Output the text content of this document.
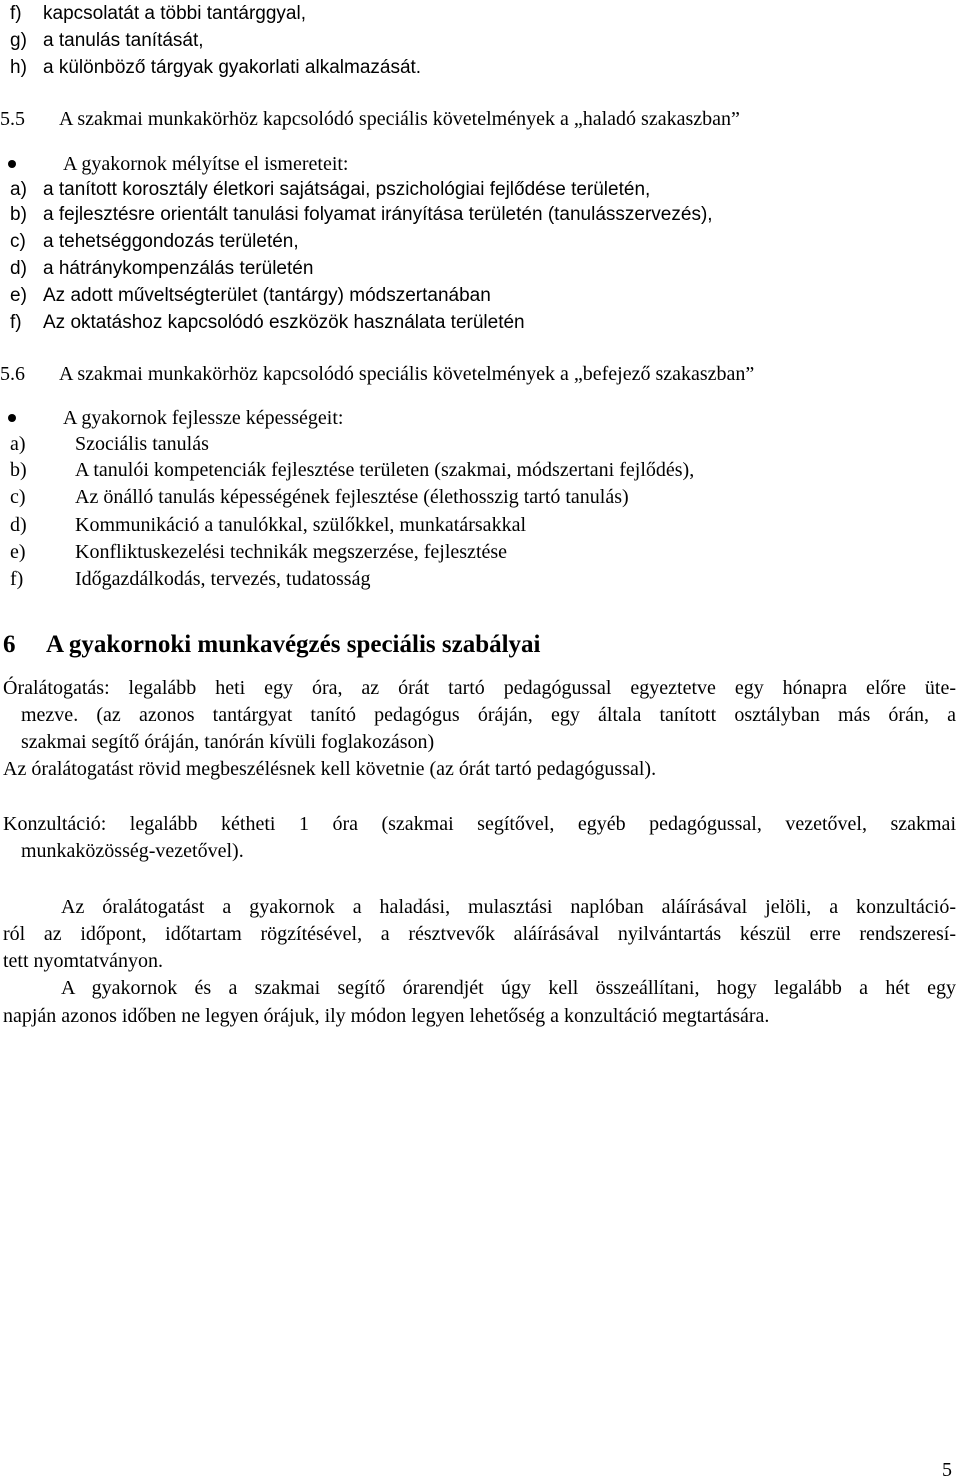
f) kapcsolatát a többi tantárggyal,
g) a tanulás tanítását,
h) a különböző tárgyak gyakorlati alkalmazását.
5.5 A szakmai munkakörhöz kapcsolódó speciális követelmények a „haladó szakaszban”
A gyakornok mélyítse el ismereteit:
a) a tanított korosztály életkori sajátságai, pszichológiai fejlődése területén,
b) a fejlesztésre orientált tanulási folyamat irányítása területén (tanulásszervezés),
c) a tehetséggondozás területén,
d) a hátránykompenzálás területén
e) Az adott műveltségterület (tantárgy) módszertanában
f) Az oktatáshoz kapcsolódó eszközök használata területén
5.6 A szakmai munkakörhöz kapcsolódó speciális követelmények a „befejező szakaszban”
A gyakornok fejlessze képességeit:
a) Szociális tanulás
b) A tanulói kompetenciák fejlesztése területen (szakmai, módszertani fejlődés),
c) Az önálló tanulás képességének fejlesztése (élethosszig tartó tanulás)
d) Kommunikáció a tanulókkal, szülőkkel, munkatársakkal
e) Konfliktuskezelési technikák megszerzése, fejlesztése
f)	Időgazdálkodás, tervezés, tudatosság
6 A gyakornoki munkavégzés speciális szabályai
Óralátogatás: legalább heti egy óra, az órát tartó pedagógussal egyeztetve egy hónapra előre üte-
mezve. (az azonos tantárgyat tanító pedagógus óráján, egy általa tanított osztályban más órán, a
szakmai segítő óráján, tanórán kívüli foglakozáson)
Az óralátogatást rövid megbeszélésnek kell követnie (az órát tartó pedagógussal).
Konzultáció: legalább kétheti 1 óra (szakmai segítővel, egyéb pedagógussal, vezetővel, szakmai
munkaközösség-vezetővel).
Az óralátogatást a gyakornok a haladási, mulasztási naplóban aláírásával jelöli, a konzultáció-
ról az időpont, időtartam rögzítésével, a résztvevők aláírásával nyilvántartás készül erre rendszeresí-
tett nyomtatványon.
A gyakornok és a szakmai segítő órarendjét úgy kell összeállítani, hogy legalább a hét egy
napján azonos időben ne legyen órájuk, ily módon legyen lehetőség a konzultáció megtartására.
5
